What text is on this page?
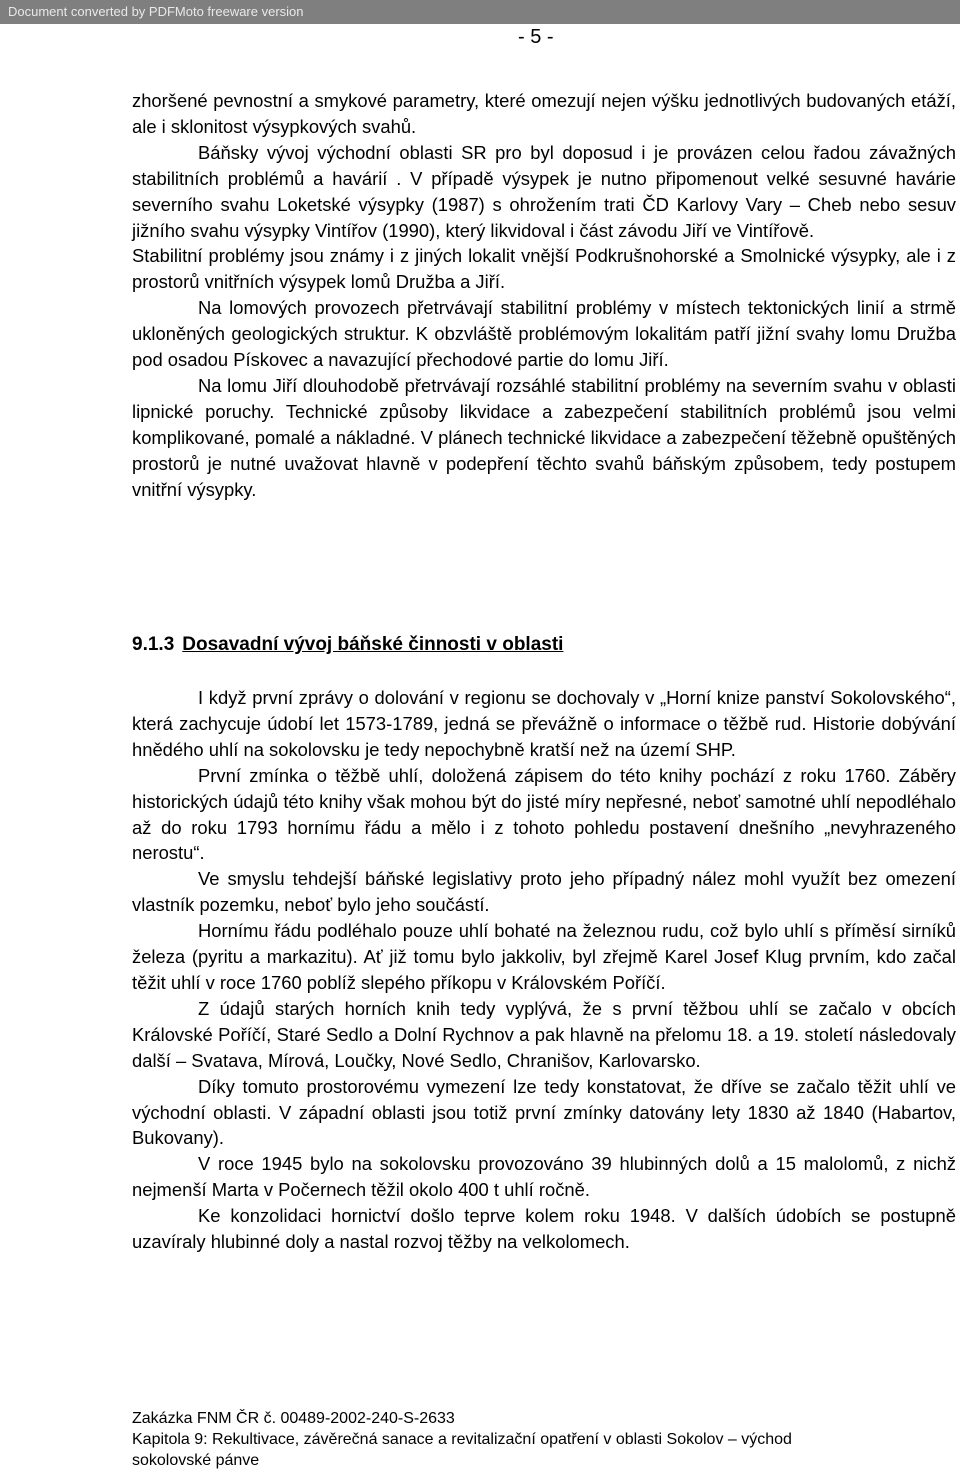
Document converted by PDFMoto freeware version
- 5 -

zhoršené pevnostní a smykové parametry, které omezují nejen výšku jednotlivých budovaných etáží, ale i sklonitost výsypkových svahů.

Báňsky vývoj východní oblasti SR pro byl doposud i je provázen celou řadou závažných stabilitních problémů a havárií . V případě výsypek je nutno připomenout velké sesuvné havárie severního svahu Loketské výsypky (1987) s ohrožením trati ČD Karlovy Vary – Cheb nebo sesuv jižního svahu výsypky Vintířov (1990), který likvidoval i část závodu Jiří ve Vintířově.

Stabilitní problémy jsou známy i z jiných lokalit vnější Podkrušnohorské a Smolnické výsypky, ale i z prostorů vnitřních výsypek lomů Družba a Jiří.

Na lomových provozech přetrvávají stabilitní problémy v místech tektonických linií a strmě ukloněných geologických struktur. K obzvláště problémovým lokalitám patří jižní svahy lomu Družba pod osadou Pískovec a navazující přechodové partie do lomu Jiří.

Na lomu Jiří dlouhodobě přetrvávají rozsáhlé stabilitní problémy na severním svahu v oblasti lipnické poruchy. Technické způsoby likvidace a zabezpečení stabilitních problémů jsou velmi komplikované, pomalé a nákladné. V plánech technické likvidace a zabezpečení těžebně opuštěných prostorů je nutné uvažovat hlavně v podepření těchto svahů báňským způsobem, tedy postupem vnitřní výsypky.

9.1.3 Dosavadní vývoj báňské činnosti v oblasti

I když první zprávy o dolování v regionu se dochovaly v „Horní knize panství Sokolovského“, která zachycuje údobí let 1573-1789, jedná se převážně o informace o těžbě rud. Historie dobývání hnědého uhlí na sokolovsku je tedy nepochybně kratší než na území SHP.

První zmínka o těžbě uhlí, doložená zápisem do této knihy pochází z roku 1760. Záběry historických údajů této knihy však mohou být do jisté míry nepřesné, neboť samotné uhlí nepodléhalo až do roku 1793 hornímu řádu a mělo i z tohoto pohledu postavení dnešního „nevyhrazeného nerostu“.

Ve smyslu tehdejší báňské legislativy proto jeho případný nález mohl využít bez omezení vlastník pozemku, neboť bylo jeho součástí.

Hornímu řádu podléhalo pouze uhlí bohaté na železnou rudu, což bylo uhlí s příměsí sirníků železa (pyritu a markazitu). Ať již tomu bylo jakkoliv, byl zřejmě Karel Josef Klug prvním, kdo začal těžit uhlí v roce 1760 poblíž slepého příkopu v Královském Poříčí.

Z údajů starých horních knih tedy vyplývá, že s první těžbou uhlí se začalo v obcích Královské Poříčí, Staré Sedlo a Dolní Rychnov a pak hlavně na přelomu 18. a 19. století následovaly další – Svatava, Mírová, Loučky, Nové Sedlo, Chranišov, Karlovarsko.

Díky tomuto prostorovému vymezení lze tedy konstatovat, že dříve se začalo těžit uhlí ve východní oblasti. V západní oblasti jsou totiž první zmínky datovány lety 1830 až 1840 (Habartov, Bukovany).

V roce 1945 bylo na sokolovsku provozováno 39 hlubinných dolů a 15 malolomů, z nichž nejmenší Marta v Počernech těžil okolo 400 t uhlí ročně.

Ke konzolidaci hornictví došlo teprve kolem roku 1948. V dalších údobích se postupně uzavíraly hlubinné doly a nastal rozvoj těžby na velkolomech.

Zakázka FNM ČR č. 00489-2002-240-S-2633
Kapitola 9: Rekultivace, závěrečná sanace a revitalizační opatření v oblasti Sokolov – východ
sokolovské pánve
